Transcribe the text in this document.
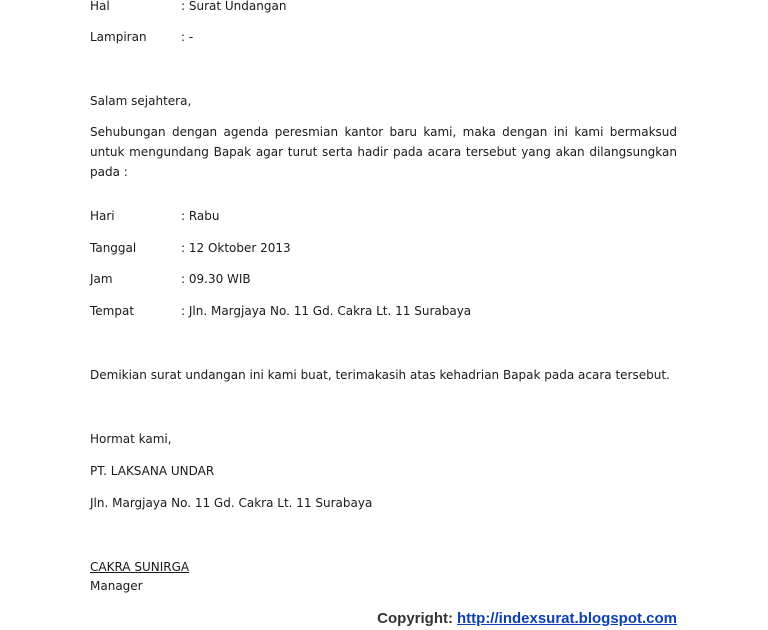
Hal	: Surat Undangan
Lampiran	: -
Salam sejahtera,
Sehubungan dengan agenda peresmian kantor baru kami, maka dengan ini kami bermaksud untuk mengundang Bapak agar turut serta hadir pada acara tersebut yang akan dilangsungkan pada :
Hari	: Rabu
Tanggal	: 12 Oktober 2013
Jam	: 09.30 WIB
Tempat	: Jln. Margjaya No. 11 Gd. Cakra Lt. 11 Surabaya
Demikian surat undangan ini kami buat, terimakasih atas kehadrian Bapak pada acara tersebut.
Hormat kami,
PT. LAKSANA UNDAR
Jln. Margjaya No. 11 Gd. Cakra Lt. 11 Surabaya
CAKRA SUNIRGA
Manager
Copyright: http://indexsurat.blogspot.com
